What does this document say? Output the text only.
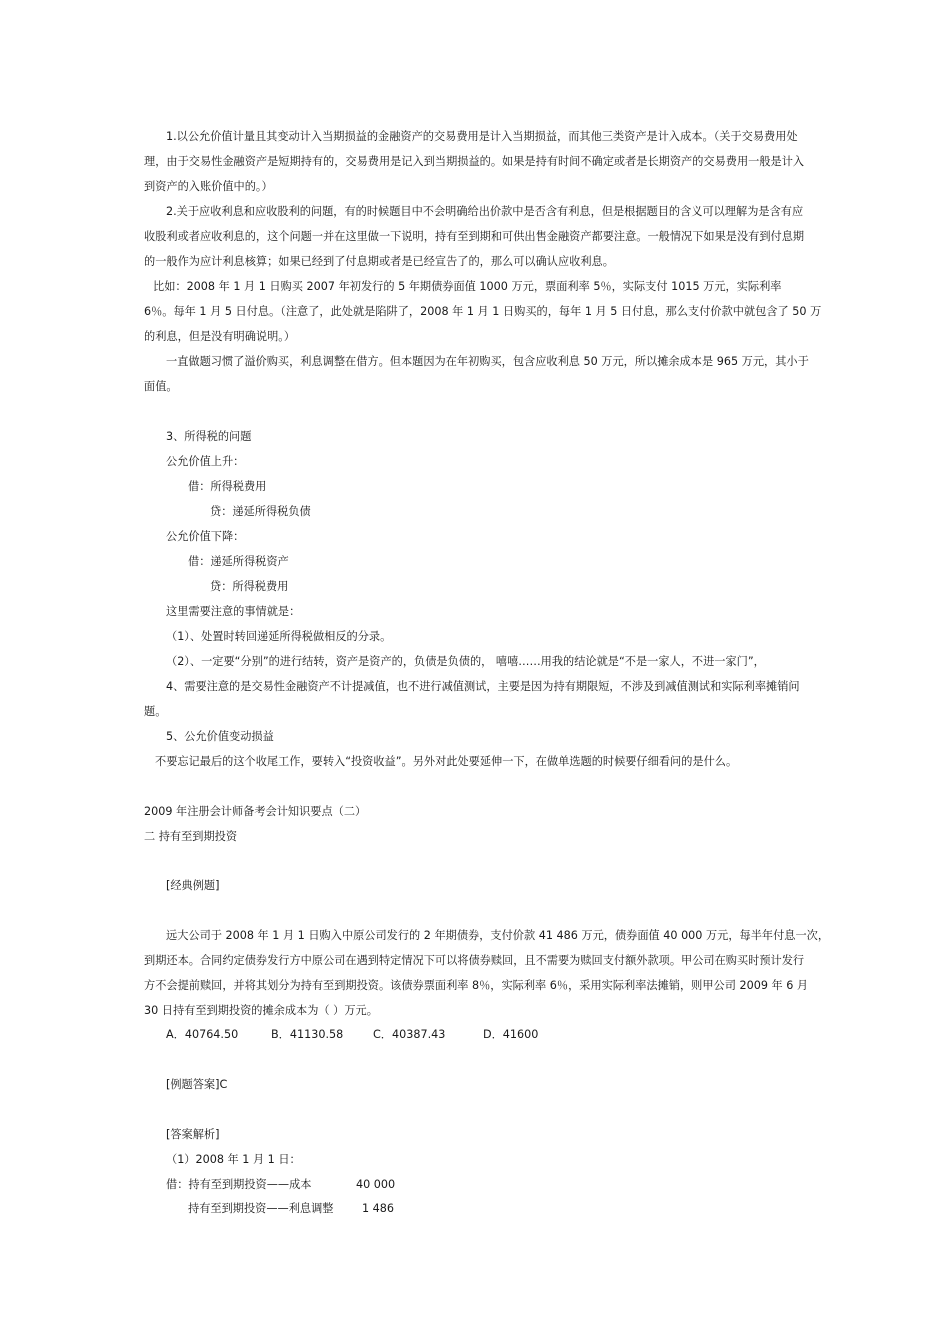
1.以公允价值计量且其变动计入当期损益的金融资产的交易费用是计入当期损益，而其他三类资产是计入成本。（关于交易费用处
理，由于交易性金融资产是短期持有的，交易费用是记入到当期损益的。如果是持有时间不确定或者是长期资产的交易费用一般是计入
到资产的入账价值中的。）
2.关于应收利息和应收股利的问题，有的时候题目中不会明确给出价款中是否含有利息，但是根据题目的含义可以理解为是含有应
收股利或者应收利息的，这个问题一并在这里做一下说明，持有至到期和可供出售金融资产都要注意。一般情况下如果是没有到付息期
的一般作为应计利息核算；如果已经到了付息期或者是已经宣告了的，那么可以确认应收利息。
比如：2008 年 1 月 1 日购买 2007 年初发行的 5 年期债券面值 1000 万元，票面利率 5％，实际支付 1015 万元，实际利率
6％。每年 1 月 5 日付息。（注意了，此处就是陷阱了，2008 年 1 月 1 日购买的，每年 1 月 5 日付息，那么支付价款中就包含了 50 万
的利息，但是没有明确说明。）
一直做题习惯了溢价购买，利息调整在借方。但本题因为在年初购买，包含应收利息 50 万元，所以摊余成本是 965 万元，其小于
面值。
3、所得税的问题
公允价值上升：
借：所得税费用
贷：递延所得税负债
公允价值下降：
借：递延所得税资产
贷：所得税费用
这里需要注意的事情就是：
（1）、处置时转回递延所得税做相反的分录。
（2）、一定要“分别”的进行结转，资产是资产的，负债是负债的， 嘻嘻……用我的结论就是“不是一家人，不进一家门”，
4、需要注意的是交易性金融资产不计提减值，也不进行减值测试，主要是因为持有期限短，不涉及到减值测试和实际利率摊销问
题。
5、公允价值变动损益
不要忘记最后的这个收尾工作，要转入“投资收益”。另外对此处要延伸一下，在做单选题的时候要仔细看问的是什么。
2009 年注册会计师备考会计知识要点（二）
二 持有至到期投资
[经典例题]
远大公司于 2008 年 1 月 1 日购入中原公司发行的 2 年期债券，支付价款 41 486 万元，债券面值 40 000 万元，每半年付息一次，
到期还本。合同约定债券发行方中原公司在遇到特定情况下可以将债券赎回，且不需要为赎回支付额外款项。甲公司在购买时预计发行
方不会提前赎回，并将其划分为持有至到期投资。该债券票面利率 8％，实际利率 6％，采用实际利率法摊销，则甲公司 2009 年 6 月
30 日持有至到期投资的摊余成本为（ ）万元。
A．40764.50	B．41130.58	C．40387.43	D．41600
[例题答案]C
[答案解析]
（1）2008 年 1 月 1 日：
借：持有至到期投资——成本	40 000
持有至到期投资——利息调整	1 486
